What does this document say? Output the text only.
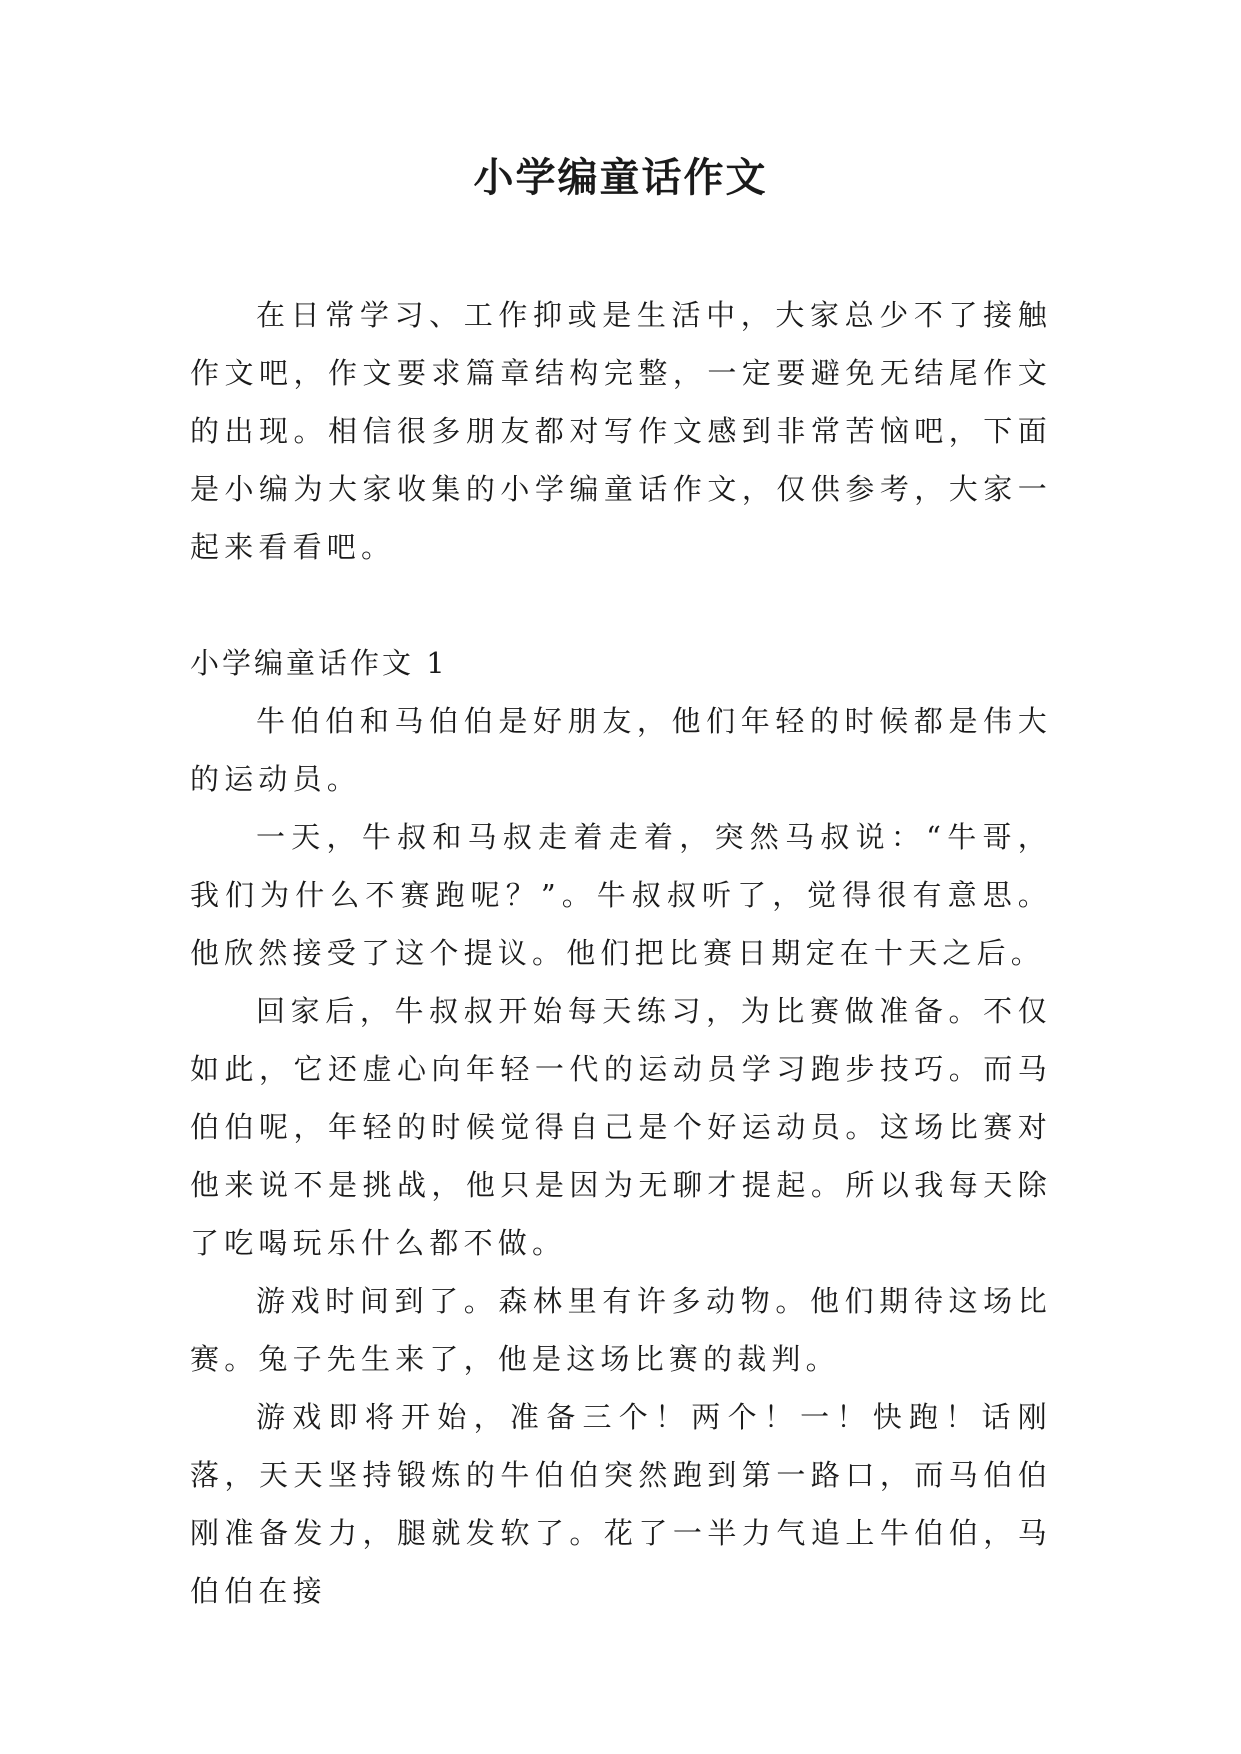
小学编童话作文

在日常学习、工作抑或是生活中，大家总少不了接触作文吧，作文要求篇章结构完整，一定要避免无结尾作文的出现。相信很多朋友都对写作文感到非常苦恼吧，下面是小编为大家收集的小学编童话作文，仅供参考，大家一起来看看吧。

小学编童话作文 1

牛伯伯和马伯伯是好朋友，他们年轻的时候都是伟大的运动员。

一天，牛叔和马叔走着走着，突然马叔说：“牛哥，我们为什么不赛跑呢？”。牛叔叔听了，觉得很有意思。他欣然接受了这个提议。他们把比赛日期定在十天之后。

回家后，牛叔叔开始每天练习，为比赛做准备。不仅如此，它还虚心向年轻一代的运动员学习跑步技巧。而马伯伯呢，年轻的时候觉得自己是个好运动员。这场比赛对他来说不是挑战，他只是因为无聊才提起。所以我每天除了吃喝玩乐什么都不做。

游戏时间到了。森林里有许多动物。他们期待这场比赛。兔子先生来了，他是这场比赛的裁判。

游戏即将开始，准备三个！两个！一！快跑！话刚落，天天坚持锻炼的牛伯伯突然跑到第一路口，而马伯伯刚准备发力，腿就发软了。花了一半力气追上牛伯伯，马伯伯在接
